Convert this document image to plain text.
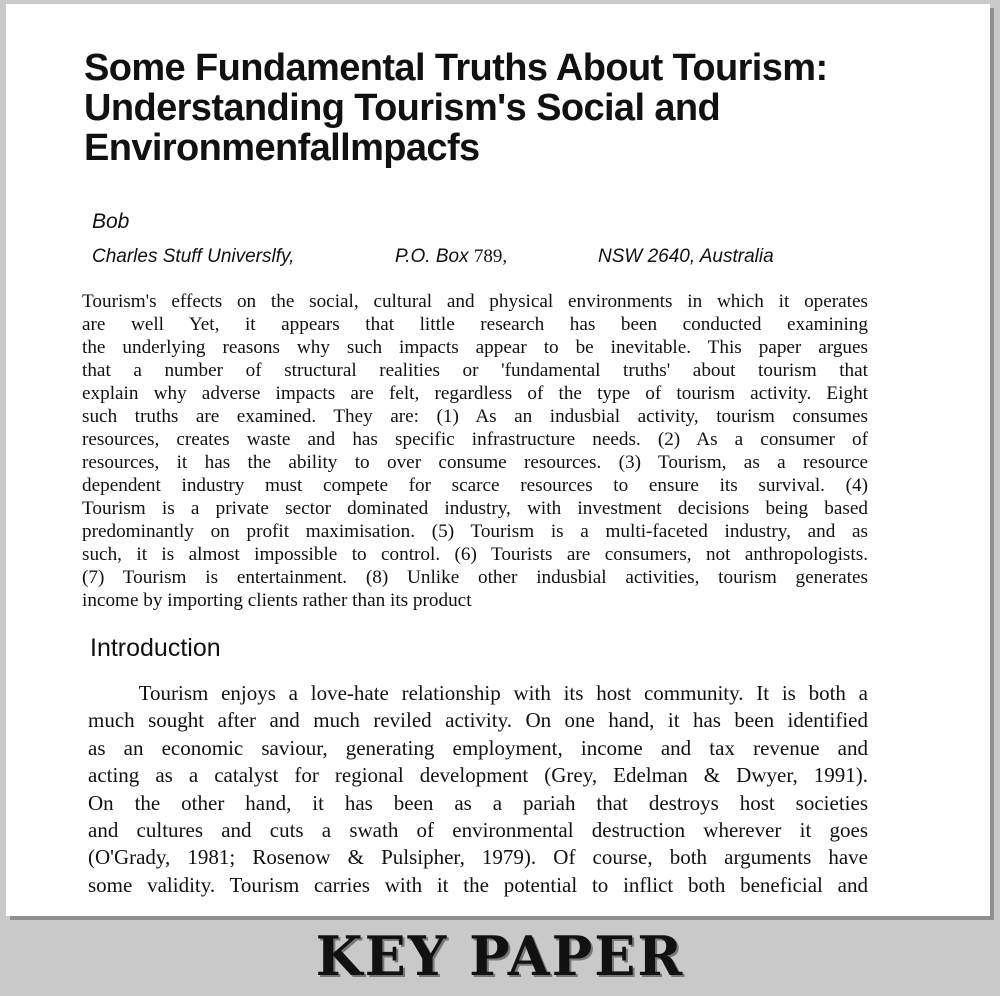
Some Fundamental Truths About Tourism:
Understanding Tourism's Social and
Environmenfallmpacfs
Bob
Charles Stuff Universlfy,	P.O. Box 789,	NSW 2640, Australia

Tourism's effects on the social, cultural and physical environments in which it operates
are well Yet, it appears that little research has been conducted examining
the underlying reasons why such impacts appear to be inevitable. This paper argues
that a number of structural realities or 'fundamental truths' about tourism that
explain why adverse impacts are felt, regardless of the type of tourism activity. Eight
such truths are examined. They are: (1) As an indusbial activity, tourism consumes
resources, creates waste and has specific infrastructure needs. (2) As a consumer of
resources, it has the ability to over consume resources. (3) Tourism, as a resource
dependent industry must compete for scarce resources to ensure its survival. (4)
Tourism is a private sector dominated industry, with investment decisions being based
predominantly on profit maximisation. (5) Tourism is a multi-faceted industry, and as
such, it is almost impossible to control. (6) Tourists are consumers, not anthropologists.
(7) Tourism is entertainment. (8) Unlike other indusbial activities, tourism generates
income by importing clients rather than its product

Introduction

Tourism enjoys a love-hate relationship with its host community. It is both a
much sought after and much reviled activity. On one hand, it has been identified
as an economic saviour, generating employment, income and tax revenue and
acting as a catalyst for regional development (Grey, Edelman & Dwyer, 1991).
On the other hand, it has been as a pariah that destroys host societies
and cultures and cuts a swath of environmental destruction wherever it goes
(O'Grady, 1981; Rosenow & Pulsipher, 1979). Of course, both arguments have
some validity. Tourism carries with it the potential to inflict both beneficial and

KEY PAPER
